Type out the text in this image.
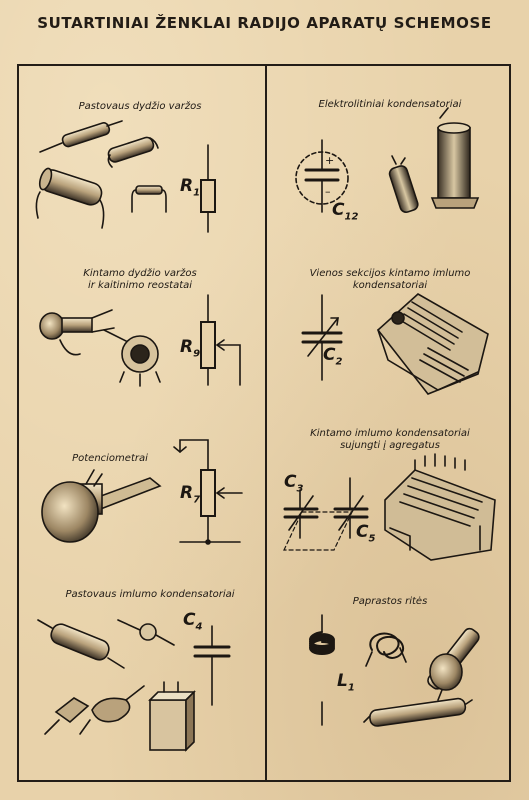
SUTARTINIAI ŽENKLAI RADIJO APARATŲ SCHEMOSE
Pastovaus dydžio varžos
Kintamo dydžio varžos
ir kaitinimo reostatai
Potenciometrai
Pastovaus imlumo kondensatoriai
Elektrolitiniai kondensatoriai
Vienos sekcijos kintamo imlumo
kondensatoriai
Kintamo imlumo kondensatoriai
sujungti į agregatus
Paprastos ritės
$R_1$
$R_9$
$R_7$
$C_4$
$C_{12}$
$C_2$
$C_3$
$C_5$
$L_1$
+
–
